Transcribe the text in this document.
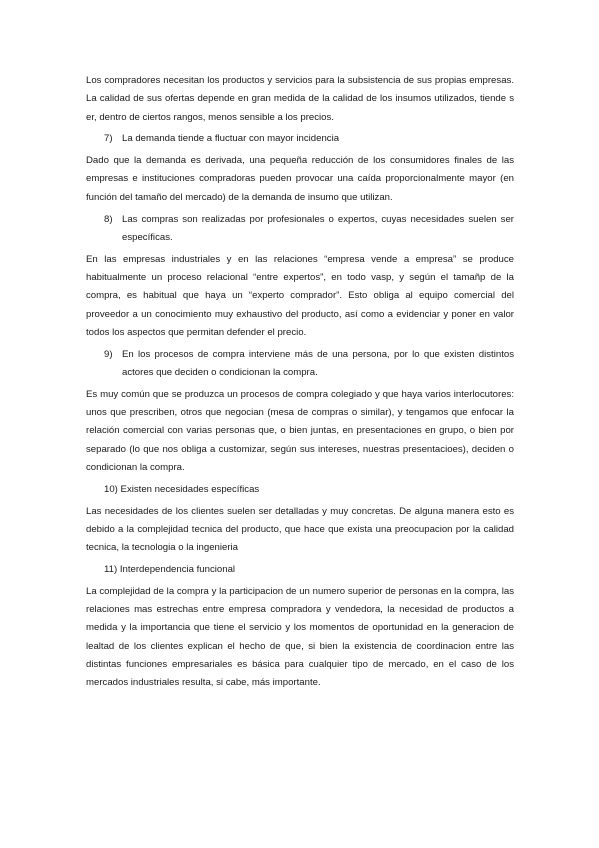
Los compradores necesitan los productos y servicios para la subsistencia de sus propias empresas. La calidad de sus ofertas depende en gran medida de la calidad de los insumos utilizados, tiende s er, dentro de ciertos rangos, menos sensible a los precios.

7) La demanda tiende a fluctuar con mayor incidencia

Dado que la demanda es derivada, una pequeña reducción de los consumidores finales de las empresas e instituciones compradoras pueden provocar una caída proporcionalmente mayor (en función del tamaño del mercado) de la demanda de insumo que utilizan.

8) Las compras son realizadas por profesionales o expertos, cuyas necesidades suelen ser específicas.

En las empresas industriales y en las relaciones “empresa vende a empresa” se produce habitualmente un proceso relacional “entre expertos”, en todo vasp, y según el tamañp de la compra, es habitual que haya un “experto comprador”. Esto obliga al equipo comercial del proveedor a un conocimiento muy exhaustivo del producto, así como a evidenciar y poner en valor todos los aspectos que permitan defender el precio.

9) En los procesos de compra interviene más de una persona, por lo que existen distintos actores que deciden o condicionan la compra.

Es muy común que se produzca un procesos de compra colegiado y que haya varios interlocutores: unos que prescriben, otros que negocian (mesa de compras o similar), y tengamos que enfocar la relación comercial con varias personas que, o bien juntas, en presentaciones en grupo, o bien por separado (lo que nos obliga a customizar, según sus intereses, nuestras presentacioes), deciden o condicionan la compra.

10) Existen necesidades específicas

Las necesidades de los clientes suelen ser detalladas y muy concretas. De alguna manera esto es debido a la complejidad tecnica del producto, que hace que exista una preocupacion por la calidad tecnica, la tecnologia o la ingenieria

11) Interdependencia funcional

La complejidad de la compra y la participacion de un numero superior de personas en la compra, las relaciones mas estrechas entre empresa compradora y vendedora, la necesidad de productos a medida y la importancia que tiene el servicio y los momentos de oportunidad en la generacion de lealtad de los clientes explican el hecho de que, si bien la existencia de coordinacion entre las distintas funciones empresariales es básica para cualquier tipo de mercado, en el caso de los mercados industriales resulta, si cabe, más importante.
